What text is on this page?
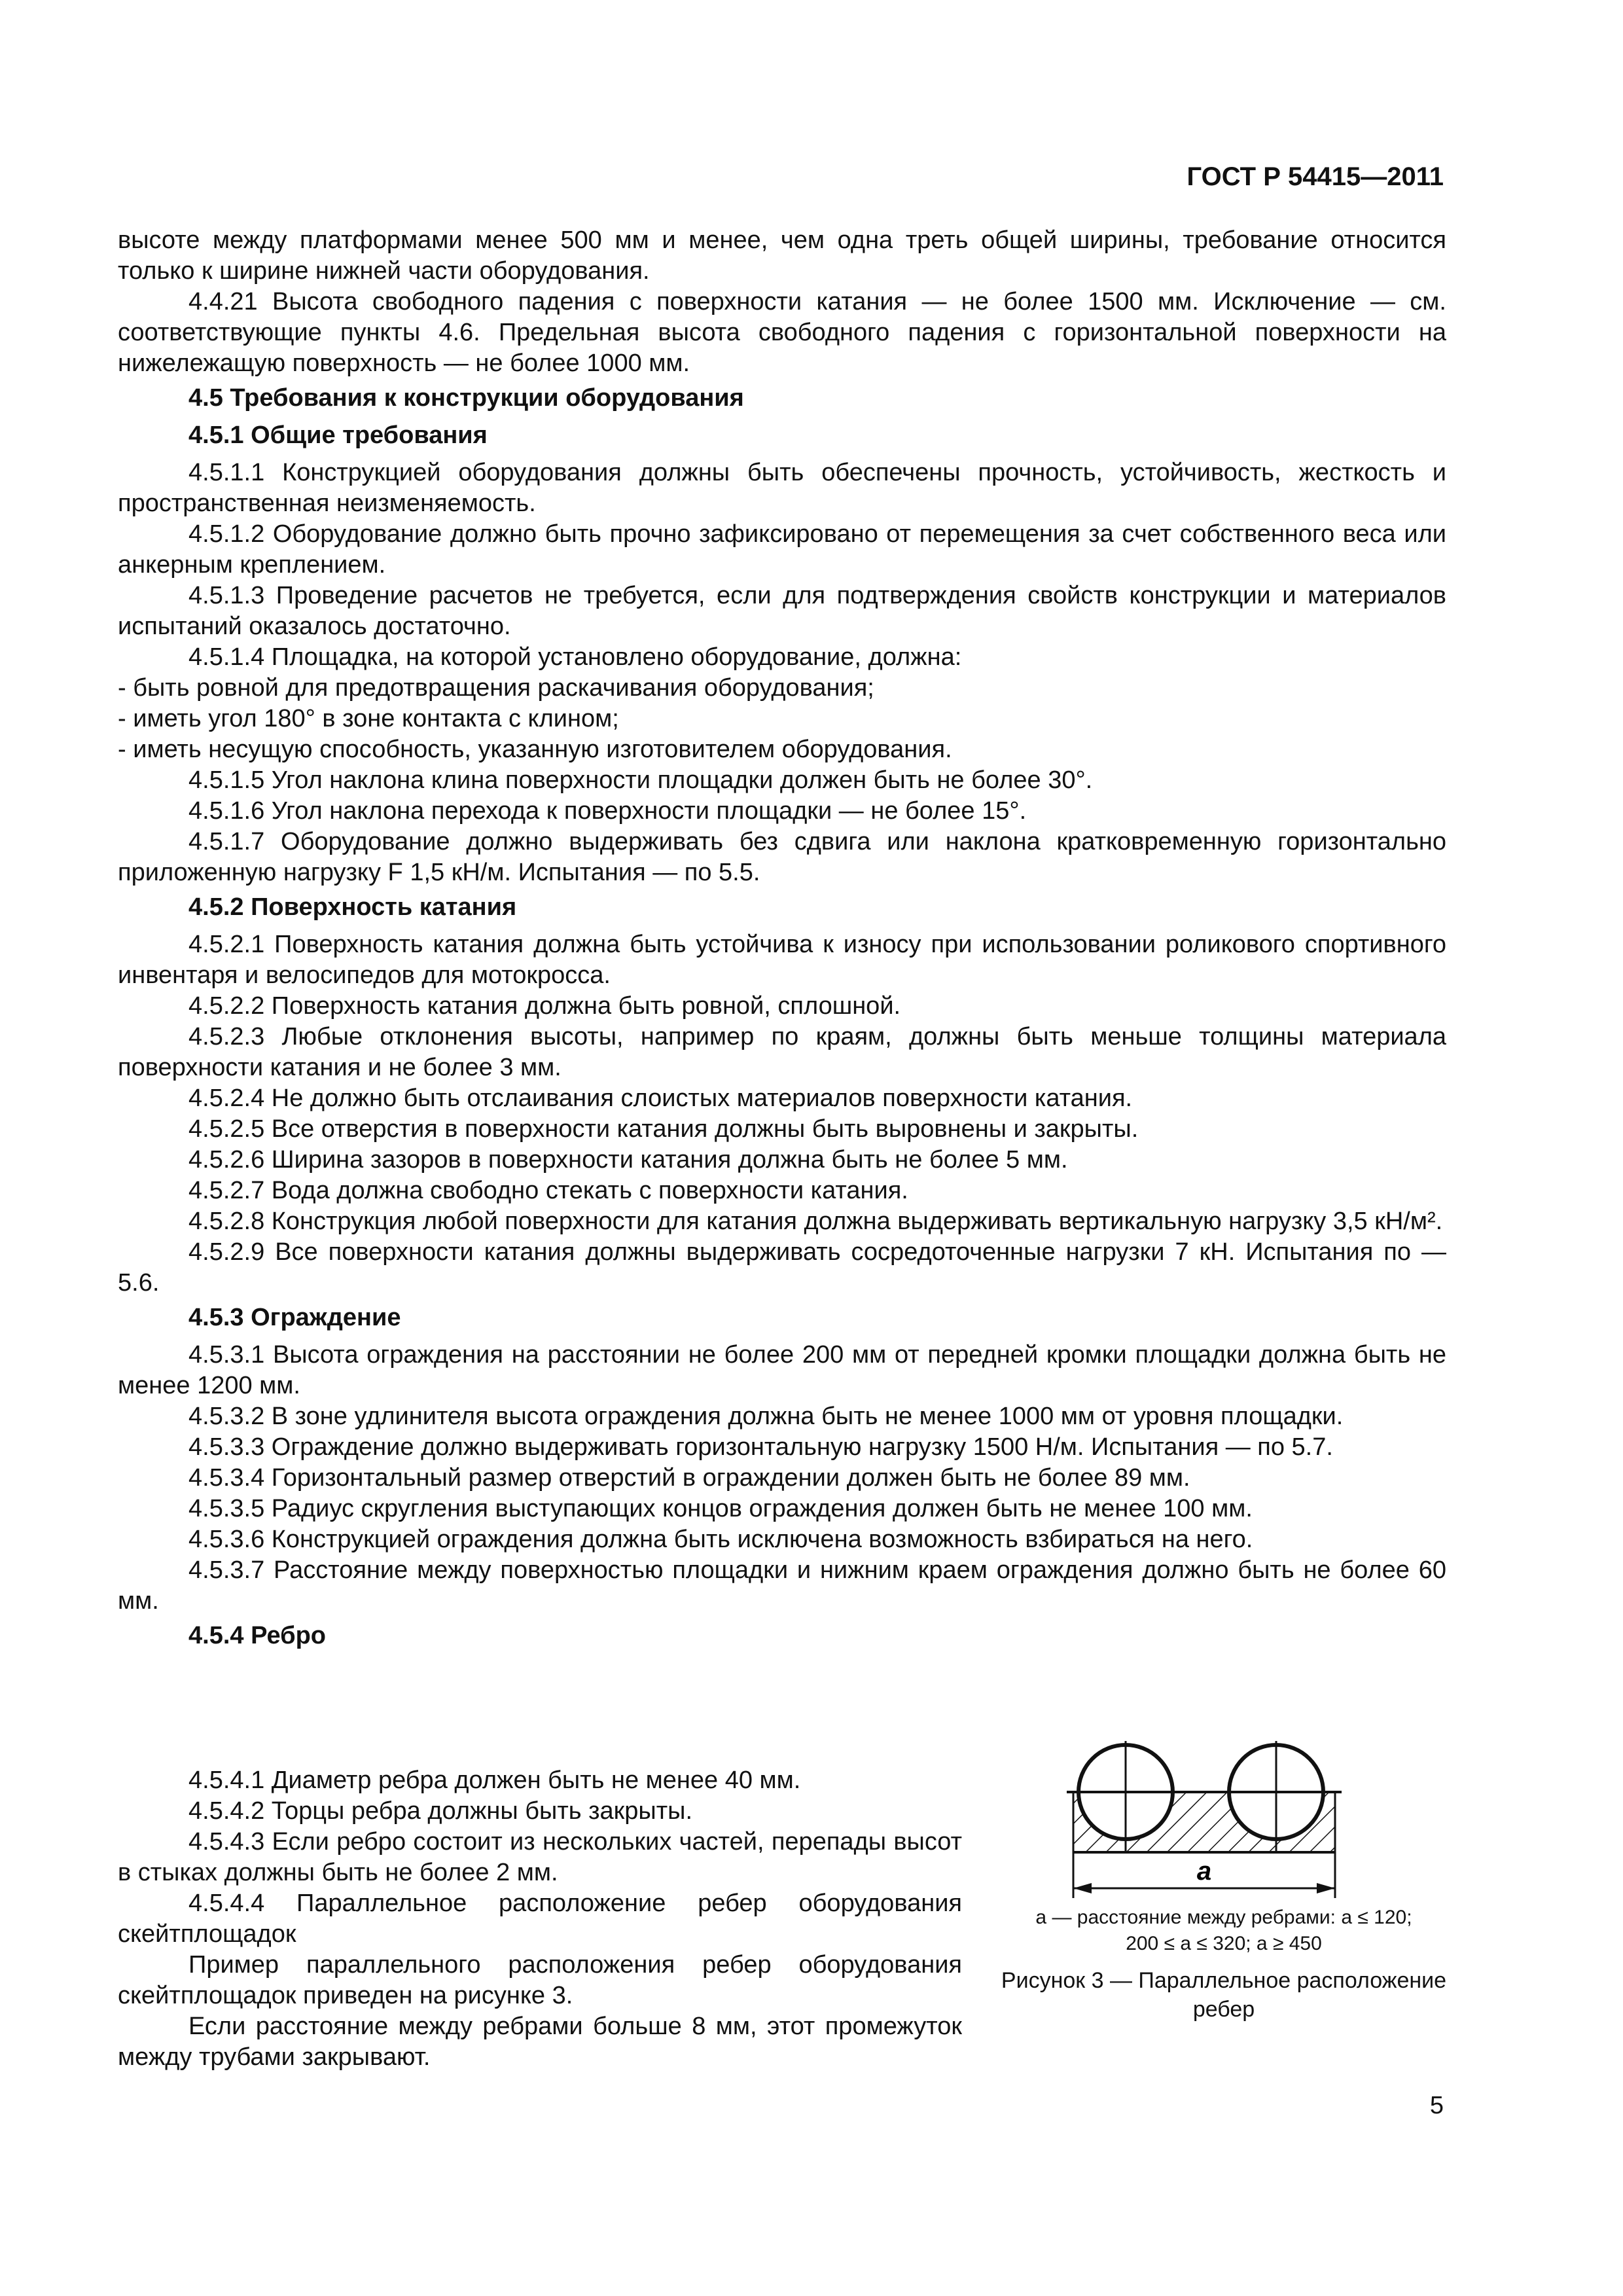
ГОСТ Р 54415—2011

высоте между платформами менее 500 мм и менее, чем одна треть общей ширины, требование относится только к ширине нижней части оборудования.

4.4.21 Высота свободного падения с поверхности катания — не более 1500 мм. Исключение — см. соответствующие пункты 4.6. Предельная высота свободного падения с горизонтальной поверхности на нижележащую поверхность — не более 1000 мм.

4.5 Требования к конструкции оборудования

4.5.1 Общие требования

4.5.1.1 Конструкцией оборудования должны быть обеспечены прочность, устойчивость, жесткость и пространственная неизменяемость.

4.5.1.2 Оборудование должно быть прочно зафиксировано от перемещения за счет собственного веса или анкерным креплением.

4.5.1.3 Проведение расчетов не требуется, если для подтверждения свойств конструкции и материалов испытаний оказалось достаточно.

4.5.1.4 Площадка, на которой установлено оборудование, должна:

- быть ровной для предотвращения раскачивания оборудования;

- иметь угол 180° в зоне контакта с клином;

- иметь несущую способность, указанную изготовителем оборудования.

4.5.1.5 Угол наклона клина поверхности площадки должен быть не более 30°.

4.5.1.6 Угол наклона перехода к поверхности площадки — не более 15°.

4.5.1.7 Оборудование должно выдерживать без сдвига или наклона кратковременную горизонтально приложенную нагрузку F 1,5 кН/м. Испытания — по 5.5.

4.5.2 Поверхность катания

4.5.2.1 Поверхность катания должна быть устойчива к износу при использовании роликового спортивного инвентаря и велосипедов для мотокросса.

4.5.2.2 Поверхность катания должна быть ровной, сплошной.

4.5.2.3 Любые отклонения высоты, например по краям, должны быть меньше толщины материала поверхности катания и не более 3 мм.

4.5.2.4 Не должно быть отслаивания слоистых материалов поверхности катания.

4.5.2.5 Все отверстия в поверхности катания должны быть выровнены и закрыты.

4.5.2.6 Ширина зазоров в поверхности катания должна быть не более 5 мм.

4.5.2.7 Вода должна свободно стекать с поверхности катания.

4.5.2.8 Конструкция любой поверхности для катания должна выдерживать вертикальную нагрузку 3,5 кН/м².

4.5.2.9 Все поверхности катания должны выдерживать сосредоточенные нагрузки 7 кН. Испытания по — 5.6.

4.5.3 Ограждение

4.5.3.1 Высота ограждения на расстоянии не более 200 мм от передней кромки площадки должна быть не менее 1200 мм.

4.5.3.2 В зоне удлинителя высота ограждения должна быть не менее 1000 мм от уровня площадки.

4.5.3.3 Ограждение должно выдерживать горизонтальную нагрузку 1500 Н/м. Испытания — по 5.7.

4.5.3.4 Горизонтальный размер отверстий в ограждении должен быть не более 89 мм.

4.5.3.5 Радиус скругления выступающих концов ограждения должен быть не менее 100 мм.

4.5.3.6 Конструкцией ограждения должна быть исключена возможность взбираться на него.

4.5.3.7 Расстояние между поверхностью площадки и нижним краем ограждения должно быть не более 60 мм.

4.5.4 Ребро

4.5.4.1 Диаметр ребра должен быть не менее 40 мм.

4.5.4.2 Торцы ребра должны быть закрыты.

4.5.4.3 Если ребро состоит из нескольких частей, перепады высот в стыках должны быть не более 2 мм.

4.5.4.4 Параллельное расположение ребер оборудования скейтплощадок

Пример параллельного расположения ребер оборудования скейтплощадок приведен на рисунке 3.

Если расстояние между ребрами больше 8 мм, этот промежуток между трубами закрывают.

a

a — расстояние между ребрами: a ≤ 120;

200 ≤ a ≤ 320; a ≥ 450

Рисунок 3 — Параллельное расположение ребер
5
